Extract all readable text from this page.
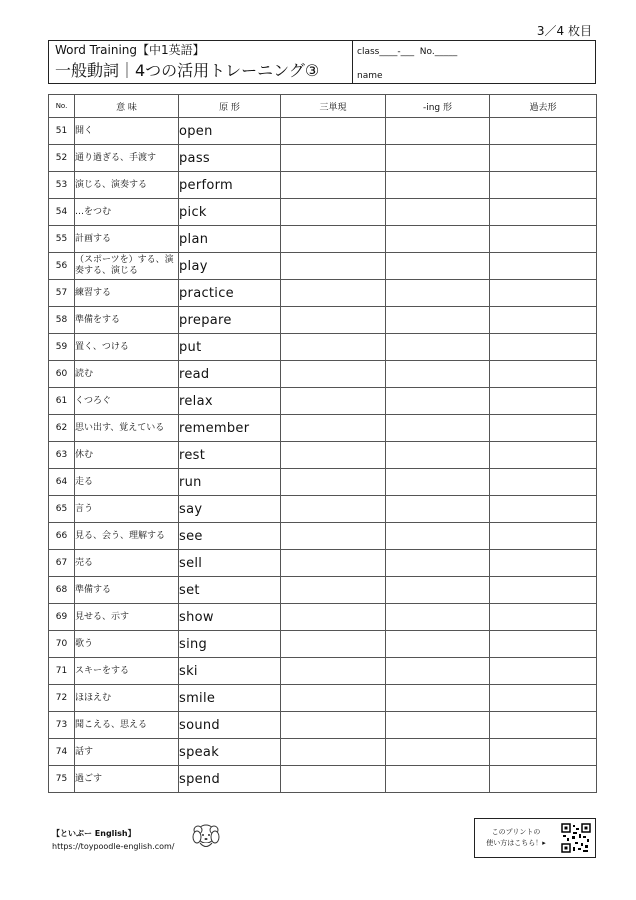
3／4 枚目
Word Training【中1英語】
一般動詞｜4つの活用トレーニング③
class____-___  No._____
name
No.	意 味	原 形	三単現	-ing 形	過去形
51	開く	open			
52	通り過ぎる、手渡す	pass			
53	演じる、演奏する	perform			
54	…をつむ	pick			
55	計画する	plan			
56	（スポーツを）する、演奏する、演じる	play			
57	練習する	practice			
58	準備をする	prepare			
59	置く、つける	put			
60	読む	read			
61	くつろぐ	relax			
62	思い出す、覚えている	remember			
63	休む	rest			
64	走る	run			
65	言う	say			
66	見る、会う、理解する	see			
67	売る	sell			
68	準備する	set			
69	見せる、示す	show			
70	歌う	sing			
71	スキーをする	ski			
72	ほほえむ	smile			
73	聞こえる、思える	sound			
74	話す	speak			
75	過ごす	spend			
【といぷー English】
https://toypoodle-english.com/
このプリントの
使い方はこちら！▸
